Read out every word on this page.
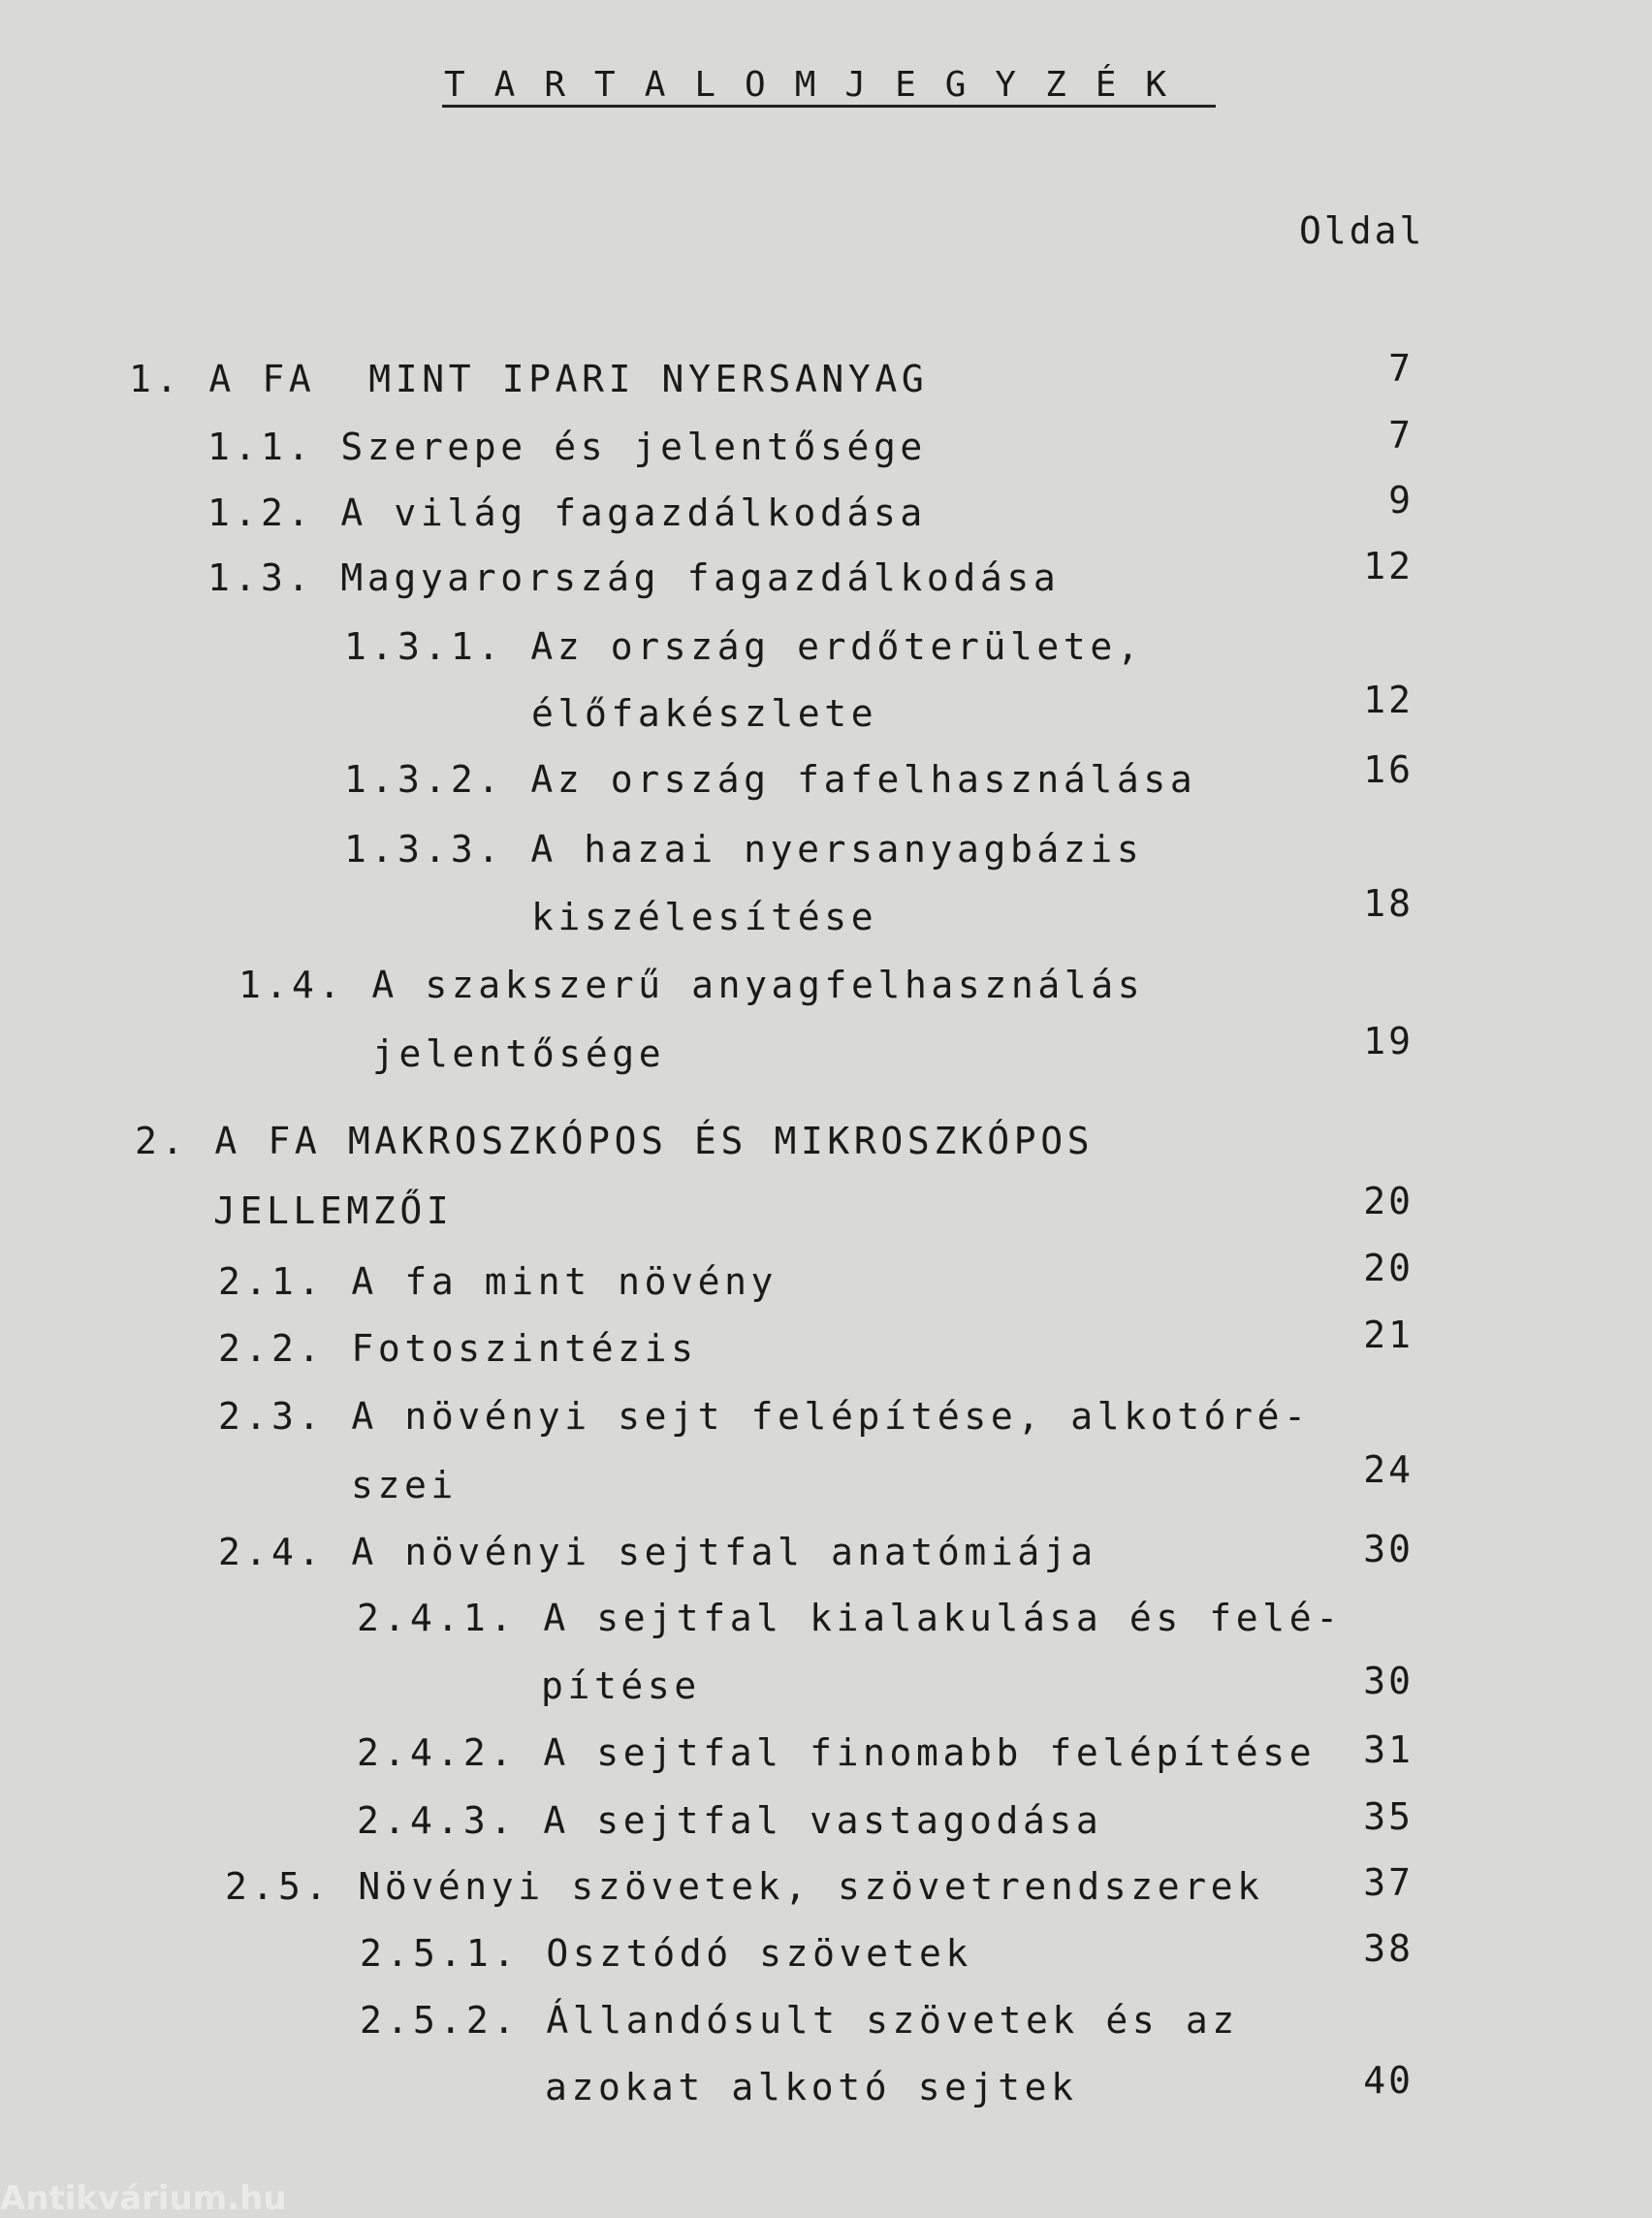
TARTALOMJEGYZÉK
Oldal
1. A FA  MINT IPARI NYERSANYAG	7
1.1. Szerepe és jelentősége	7
1.2. A világ fagazdálkodása	9
1.3. Magyarország fagazdálkodása	12
1.3.1. Az ország erdőterülete,
élőfakészlete	12
1.3.2. Az ország fafelhasználása	16
1.3.3. A hazai nyersanyagbázis
kiszélesítése	18
1.4. A szakszerű anyagfelhasználás
jelentősége	19
2. A FA MAKROSZKÓPOS ÉS MIKROSZKÓPOS
JELLEMZŐI	20
2.1. A fa mint növény	20
2.2. Fotoszintézis	21
2.3. A növényi sejt felépítése, alkotóré-
szei	24
2.4. A növényi sejtfal anatómiája	30
2.4.1. A sejtfal kialakulása és felé-
pítése	30
2.4.2. A sejtfal finomabb felépítése 31
2.4.3. A sejtfal vastagodása	35
2.5. Növényi szövetek, szövetrendszerek	37
2.5.1. Osztódó szövetek	38
2.5.2. Állandósult szövetek és az
azokat alkotó sejtek	40
Antikvárium.hu
